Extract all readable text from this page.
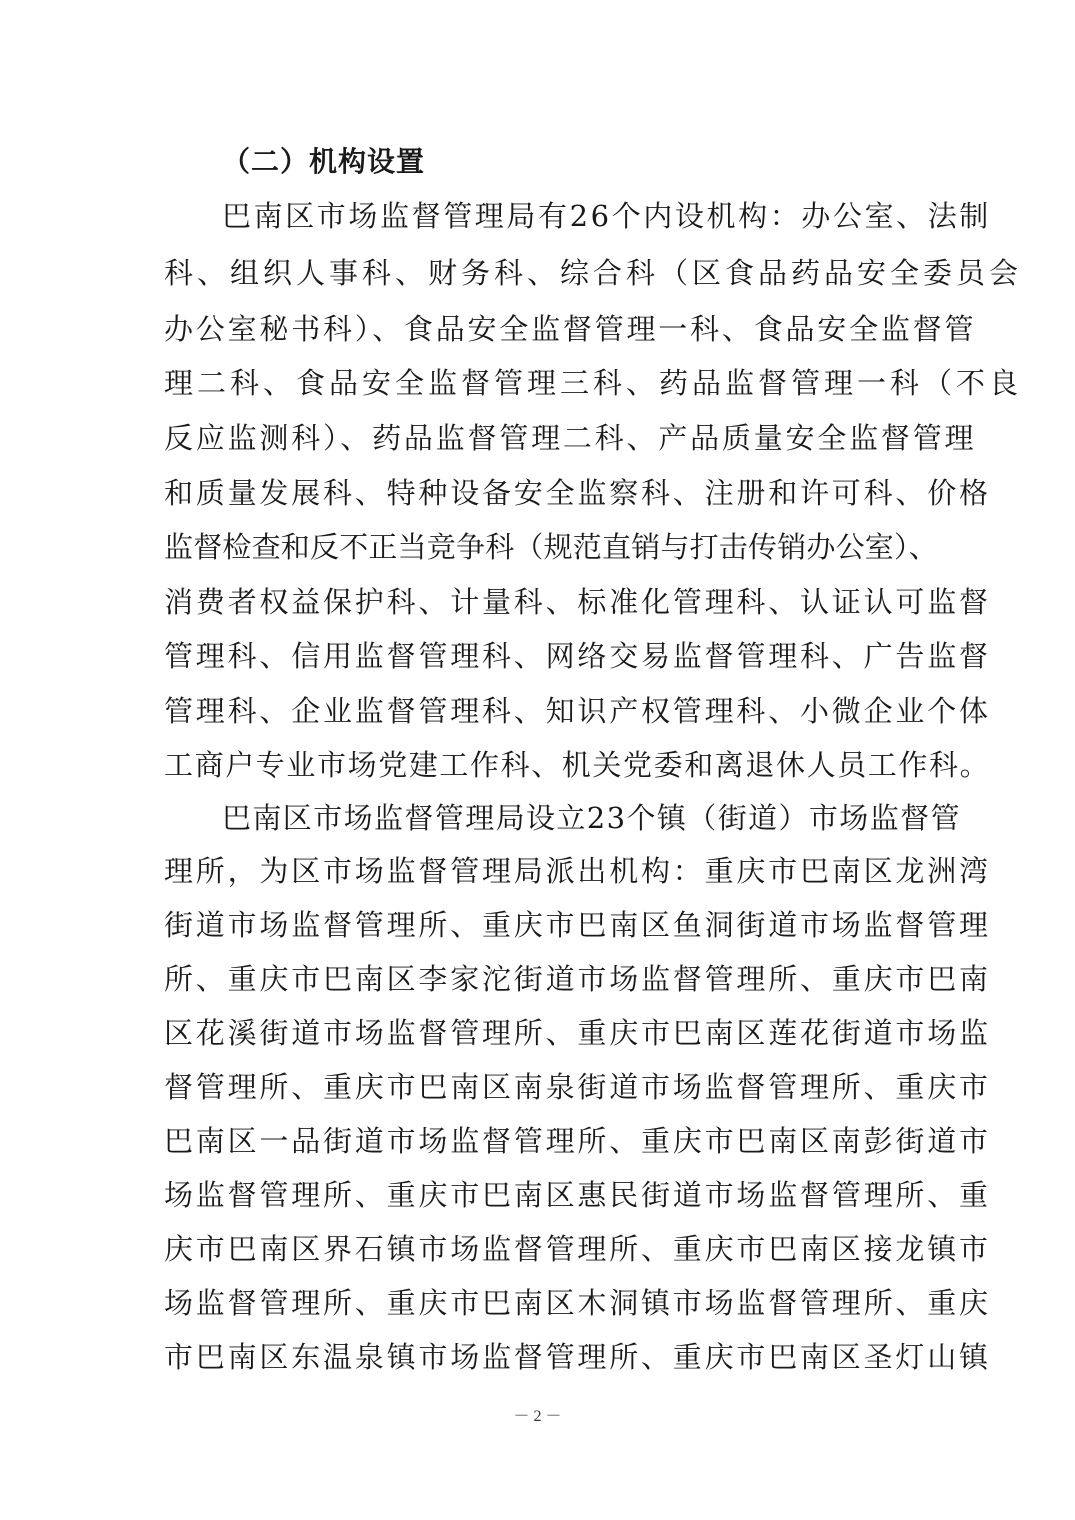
（二）机构设置
巴南区市场监督管理局有26个内设机构：办公室、法制
科、组织人事科、财务科、综合科（区食品药品安全委员会
办公室秘书科）、食品安全监督管理一科、食品安全监督管
理二科、食品安全监督管理三科、药品监督管理一科（不良
反应监测科）、药品监督管理二科、产品质量安全监督管理
和质量发展科、特种设备安全监察科、注册和许可科、价格
监督检查和反不正当竞争科（规范直销与打击传销办公室）、
消费者权益保护科、计量科、标准化管理科、认证认可监督
管理科、信用监督管理科、网络交易监督管理科、广告监督
管理科、企业监督管理科、知识产权管理科、小微企业个体
工商户专业市场党建工作科、机关党委和离退休人员工作科。
巴南区市场监督管理局设立23个镇（街道）市场监督管
理所，为区市场监督管理局派出机构：重庆市巴南区龙洲湾
街道市场监督管理所、重庆市巴南区鱼洞街道市场监督管理
所、重庆市巴南区李家沱街道市场监督管理所、重庆市巴南
区花溪街道市场监督管理所、重庆市巴南区莲花街道市场监
督管理所、重庆市巴南区南泉街道市场监督管理所、重庆市
巴南区一品街道市场监督管理所、重庆市巴南区南彭街道市
场监督管理所、重庆市巴南区惠民街道市场监督管理所、重
庆市巴南区界石镇市场监督管理所、重庆市巴南区接龙镇市
场监督管理所、重庆市巴南区木洞镇市场监督管理所、重庆
市巴南区东温泉镇市场监督管理所、重庆市巴南区圣灯山镇
－ 2 －
